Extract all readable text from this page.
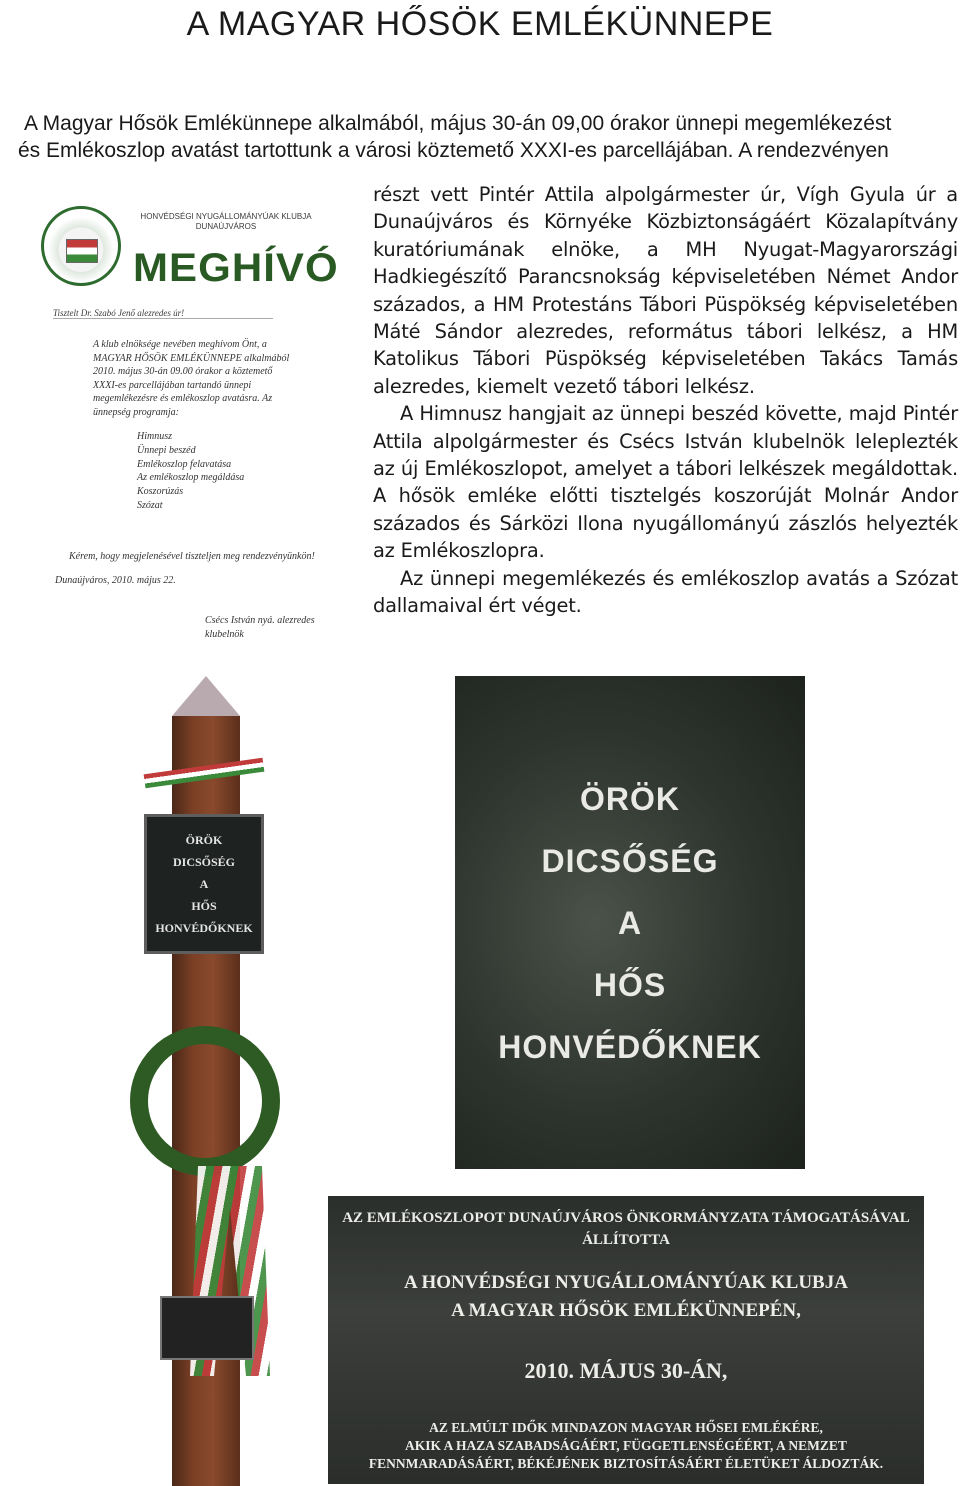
A MAGYAR HŐSÖK EMLÉKÜNNEPE

A Magyar Hősök Emlékünnepe alkalmából, május 30-án 09,00 órakor ünnepi megemlékezést

és Emlékoszlop avatást tartottunk a városi köztemető XXXI-es parcellájában. A rendezvényen

HONVÉDSÉGI NYUGÁLLOMÁNYÚAK KLUBJA DUNAÚJVÁROS
MEGHÍVÓ
Tisztelt Dr. Szabó Jenő alezredes úr!
A klub elnöksége nevében meghívom Önt, a MAGYAR HŐSÖK EMLÉKÜNNEPE alkalmából 2010. május 30-án 09.00 órakor a köztemető XXXI-es parcellájában tartandó ünnepi megemlékezésre és emlékoszlop avatásra. Az ünnepség programja:
Himnusz
Ünnepi beszéd
Emlékoszlop felavatása
Az emlékoszlop megáldása
Koszorúzás
Szózat
Kérem, hogy megjelenésével tiszteljen meg rendezvényünkön!
Dunaújváros, 2010. május 22.
Csécs István nyá. alezredes klubelnök

részt vett Pintér Attila alpolgármester úr, Vígh Gyula úr a Dunaújváros és Környéke Közbiztonságáért Közalapítvány kuratóriumának elnöke, a MH Nyugat-Magyarországi Hadkiegészítő Parancsnokság képviseletében Német Andor százados, a HM Protestáns Tábori Püspökség képviseletében Máté Sándor alezredes, református tábori lelkész, a HM Katolikus Tábori Püspökség képviseletében Takács Tamás alezredes, kiemelt vezető tábori lelkész.

A Himnusz hangjait az ünnepi beszéd követte, majd Pintér Attila alpolgármester és Csécs István klubelnök leleplezték az új Emlékoszlopot, amelyet a tábori lelkészek megáldottak. A hősök emléke előtti tisztelgés koszorúját Molnár Andor százados és Sárközi Ilona nyugállományú zászlós helyezték az Emlékoszlopra.

Az ünnepi megemlékezés és emlékoszlop avatás a Szózat dallamaival ért véget.

ÖRÖK
DICSŐSÉG
A
HŐS
HONVÉDŐKNEK
ÖRÖK
DICSŐSÉG
A
HŐS
HONVÉDŐKNEK
AZ EMLÉKOSZLOPOT DUNAÚJVÁROS ÖNKORMÁNYZATA TÁMOGATÁSÁVAL
ÁLLÍTOTTA
A HONVÉDSÉGI NYUGÁLLOMÁNYÚAK KLUBJA
A MAGYAR HŐSÖK EMLÉKÜNNEPÉN,
2010. MÁJUS 30-ÁN,
AZ ELMÚLT IDŐK MINDAZON MAGYAR HŐSEI EMLÉKÉRE,
AKIK A HAZA SZABADSÁGÁÉRT, FÜGGETLENSÉGÉÉRT, A NEMZET
FENNMARADÁSÁÉRT, BÉKÉJÉNEK BIZTOSÍTÁSÁÉRT ÉLETÜKET ÁLDOZTÁK.
